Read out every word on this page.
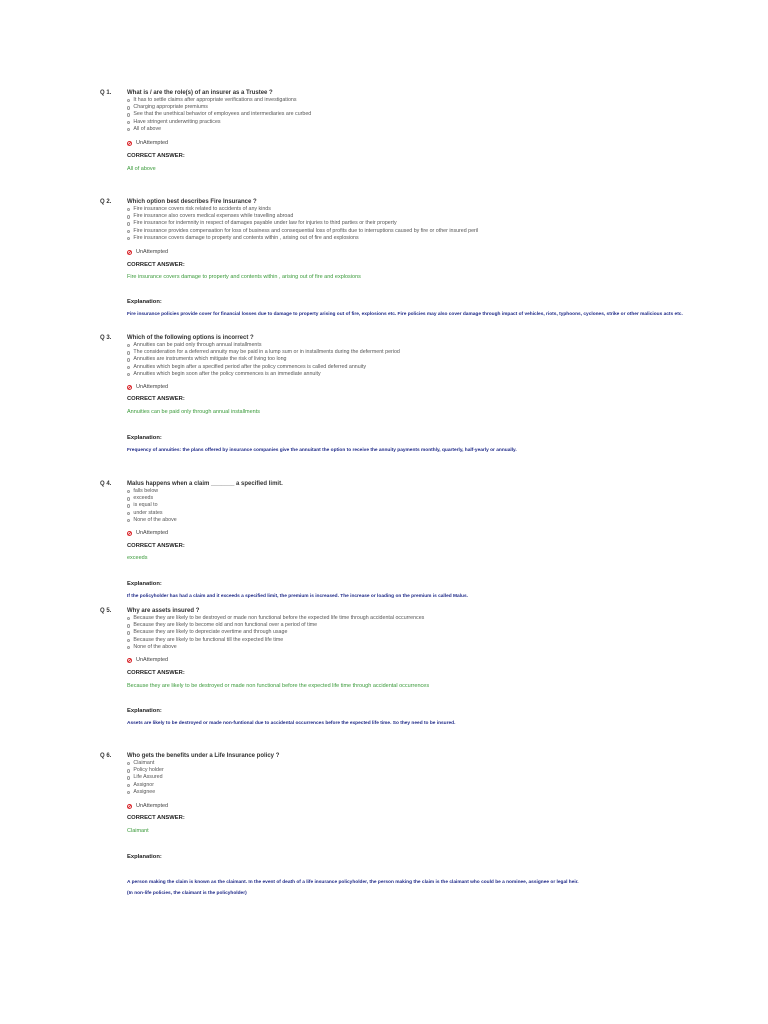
Q 1.	What is / are the role(s) of an insurer as a Trustee ?
It has to settle claims after appropriate verifications and investigations
Charging appropriate premiums
See that the unethical behavior of employees and intermediaries are curbed
Have stringent underwriting practices
All of above
UnAttempted
CORRECT ANSWER:
All of above
Q 2.	Which option best describes Fire Insurance ?
Fire insurance covers risk related to accidents of any kinds
Fire insurance also covers medical expenses while travelling abroad
Fire insurance for indemnity in respect of damages payable under law for injuries to third parties or their property
Fire insurance provides compensation for loss of business and consequential loss of profits due to interruptions caused by fire or other insured peril
Fire insurance covers damage to property and contents within , arising out of fire and explosions
UnAttempted
CORRECT ANSWER:
Fire insurance covers damage to property and contents within , arising out of fire and explosions
Explanation:
Fire insurance policies provide cover for financial losses due to damage to property arising out of fire, explosions etc. Fire policies may also cover damage through impact of vehicles, riots, typhoons, cyclones, strike or other malicious acts etc.
Q 3.	Which of the following options is incorrect ?
Annuities can be paid only through annual installments
The consideration for a deferred annuity may be paid in a lump sum or in installments during the deferment period
Annuities are instruments which mitigate the risk of living too long
Annuities which begin after a specified period after the policy commences is called deferred annuity
Annuities which begin soon after the policy commences is an immediate annuity
UnAttempted
CORRECT ANSWER:
Annuities can be paid only through annual installments
Explanation:
Frequency of annuities: the plans offered by insurance companies give the annuitant the option to receive the annuity payments monthly, quarterly, half-yearly or annually.
Q 4.	Malus happens when a claim _______ a specified limit.
falls below
exceeds
is equal to
under states
None of the above
UnAttempted
CORRECT ANSWER:
exceeds
Explanation:
If the policyholder has had a claim and it exceeds a specified limit, the premium is increased. The increase or loading on the premium is called Malus.
Q 5.	Why are assets insured ?
Because they are likely to be destroyed or made non functional before the expected life time through accidental occurrences
Because they are likely to become old and non functional over a period of time
Because they are likely to depreciate overtime and through usage
Because they are likely to be functional till the expected life time
None of the above
UnAttempted
CORRECT ANSWER:
Because they are likely to be destroyed or made non functional before the expected life time through accidental occurrences
Explanation:
Assets are likely to be destroyed or made non-funtional due to accidental occurrences before the expected life time. So they need to be insured.
Q 6.	Who gets the benefits under a Life Insurance policy ?
Claimant
Policy holder
Life Assured
Assignor
Assignee
UnAttempted
CORRECT ANSWER:
Claimant
Explanation:
A person making the claim is known as the claimant. In the event of death of a life insurance policyholder, the person making the claim is the claimant who could be a nominee, assignee or legal heir.
(In non-life policies, the claimant is the policyholder)
